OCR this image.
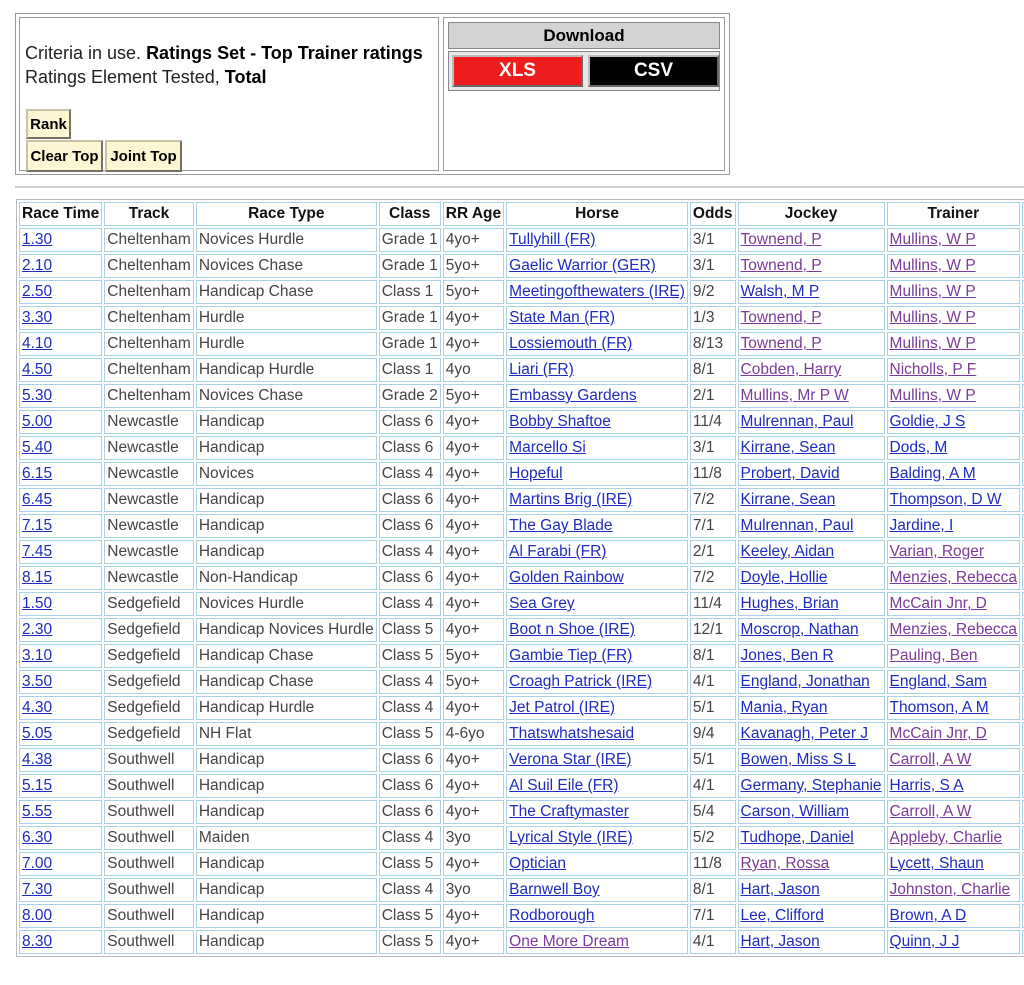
Criteria in use. Ratings Set - Top Trainer ratings
Ratings Element Tested, Total
Rank
Clear Top Joint Top
Download
XLS	CSV
Race Time	Track	Race Type	Class	RR Age	Horse	Odds	Jockey	Trainer	
1.30	Cheltenham	Novices Hurdle	Grade 1	4yo+	Tullyhill (FR)	3/1	Townend, P	Mullins, W P	
2.10	Cheltenham	Novices Chase	Grade 1	5yo+	Gaelic Warrior (GER)	3/1	Townend, P	Mullins, W P	
2.50	Cheltenham	Handicap Chase	Class 1	5yo+	Meetingofthewaters (IRE)	9/2	Walsh, M P	Mullins, W P	
3.30	Cheltenham	Hurdle	Grade 1	4yo+	State Man (FR)	1/3	Townend, P	Mullins, W P	
4.10	Cheltenham	Hurdle	Grade 1	4yo+	Lossiemouth (FR)	8/13	Townend, P	Mullins, W P	
4.50	Cheltenham	Handicap Hurdle	Class 1	4yo	Liari (FR)	8/1	Cobden, Harry	Nicholls, P F	
5.30	Cheltenham	Novices Chase	Grade 2	5yo+	Embassy Gardens	2/1	Mullins, Mr P W	Mullins, W P	
5.00	Newcastle	Handicap	Class 6	4yo+	Bobby Shaftoe	11/4	Mulrennan, Paul	Goldie, J S	
5.40	Newcastle	Handicap	Class 6	4yo+	Marcello Si	3/1	Kirrane, Sean	Dods, M	
6.15	Newcastle	Novices	Class 4	4yo+	Hopeful	11/8	Probert, David	Balding, A M	
6.45	Newcastle	Handicap	Class 6	4yo+	Martins Brig (IRE)	7/2	Kirrane, Sean	Thompson, D W	
7.15	Newcastle	Handicap	Class 6	4yo+	The Gay Blade	7/1	Mulrennan, Paul	Jardine, I	
7.45	Newcastle	Handicap	Class 4	4yo+	Al Farabi (FR)	2/1	Keeley, Aidan	Varian, Roger	
8.15	Newcastle	Non-Handicap	Class 6	4yo+	Golden Rainbow	7/2	Doyle, Hollie	Menzies, Rebecca	
1.50	Sedgefield	Novices Hurdle	Class 4	4yo+	Sea Grey	11/4	Hughes, Brian	McCain Jnr, D	
2.30	Sedgefield	Handicap Novices Hurdle	Class 5	4yo+	Boot n Shoe (IRE)	12/1	Moscrop, Nathan	Menzies, Rebecca	
3.10	Sedgefield	Handicap Chase	Class 5	5yo+	Gambie Tiep (FR)	8/1	Jones, Ben R	Pauling, Ben	
3.50	Sedgefield	Handicap Chase	Class 4	5yo+	Croagh Patrick (IRE)	4/1	England, Jonathan	England, Sam	
4.30	Sedgefield	Handicap Hurdle	Class 4	4yo+	Jet Patrol (IRE)	5/1	Mania, Ryan	Thomson, A M	
5.05	Sedgefield	NH Flat	Class 5	4-6yo	Thatswhatshesaid	9/4	Kavanagh, Peter J	McCain Jnr, D	
4.38	Southwell	Handicap	Class 6	4yo+	Verona Star (IRE)	5/1	Bowen, Miss S L	Carroll, A W	
5.15	Southwell	Handicap	Class 6	4yo+	Al Suil Eile (FR)	4/1	Germany, Stephanie	Harris, S A	
5.55	Southwell	Handicap	Class 6	4yo+	The Craftymaster	5/4	Carson, William	Carroll, A W	
6.30	Southwell	Maiden	Class 4	3yo	Lyrical Style (IRE)	5/2	Tudhope, Daniel	Appleby, Charlie	
7.00	Southwell	Handicap	Class 5	4yo+	Optician	11/8	Ryan, Rossa	Lycett, Shaun	
7.30	Southwell	Handicap	Class 4	3yo	Barnwell Boy	8/1	Hart, Jason	Johnston, Charlie	
8.00	Southwell	Handicap	Class 5	4yo+	Rodborough	7/1	Lee, Clifford	Brown, A D	
8.30	Southwell	Handicap	Class 5	4yo+	One More Dream	4/1	Hart, Jason	Quinn, J J	
